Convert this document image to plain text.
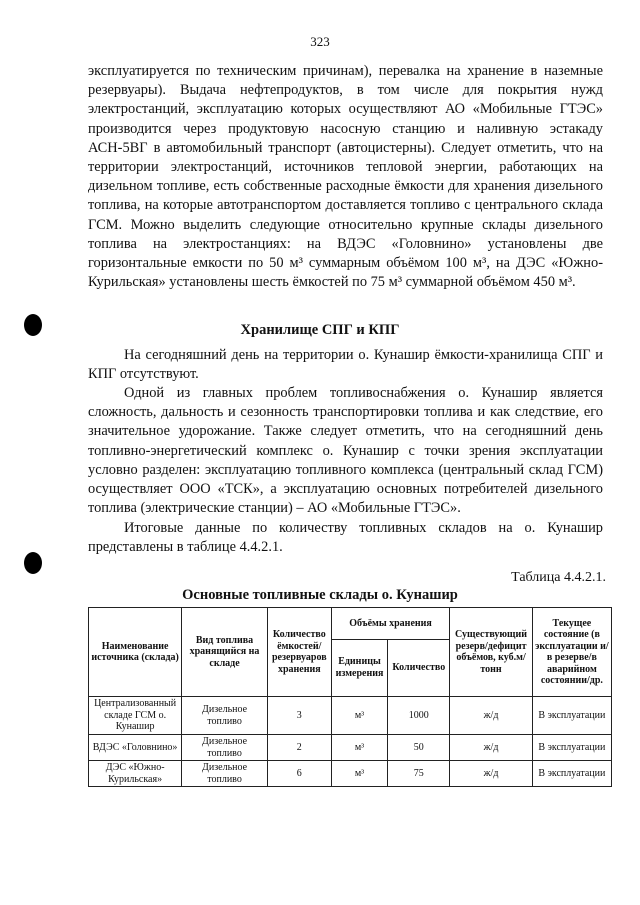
323
эксплуатируется по техническим причинам), перевалка на хранение в наземные резервуары). Выдача нефтепродуктов, в том числе для покрытия нужд электростанций, эксплуатацию которых осуществляют АО «Мобильные ГТЭС» производится через продуктовую насосную станцию и наливную эстакаду АСН-5ВГ в автомобильный транспорт (автоцистерны). Следует отметить, что на территории электростанций, источников тепловой энергии, работающих на дизельном топливе, есть собственные расходные ёмкости для хранения дизельного топлива, на которые автотранспортом доставляется топливо с центрального склада ГСМ. Можно выделить следующие относительно крупные склады дизельного топлива на электростанциях: на ВДЭС «Головнино» установлены две горизонтальные емкости по 50 м³ суммарным объёмом 100 м³, на ДЭС «Южно-Курильская» установлены шесть ёмкостей по 75 м³ суммарной объёмом 450 м³.
Хранилище СПГ и КПГ
На сегодняшний день на территории о. Кунашир ёмкости-хранилища СПГ и КПГ отсутствуют.
Одной из главных проблем топливоснабжения о. Кунашир является сложность, дальность и сезонность транспортировки топлива и как следствие, его значительное удорожание. Также следует отметить, что на сегодняшний день топливно-энергетический комплекс о. Кунашир с точки зрения эксплуатации условно разделен: эксплуатацию топливного комплекса (центральный склад ГСМ) осуществляет ООО «ТСК», а эксплуатацию основных потребителей дизельного топлива (электрические станции) – АО «Мобильные ГТЭС».
Итоговые данные по количеству топливных складов на о. Кунашир представлены в таблице 4.4.2.1.
Таблица 4.4.2.1.
Основные топливные склады о. Кунашир
Наименование источника (склада)	Вид топлива хранящийся на складе	Количество ёмкостей/резервуаров хранения	Объёмы хранения		Существующий резерв/дефицит объёмов, куб.м/тонн	Текущее состояние (в эксплуатации и/в резерве/в аварийном состоянии/др.
			Единицы измерения	Количество		
Централизованный складе ГСМ о. Кунашир	Дизельное топливо	3	м³	1000	ж/д	В эксплуатации
ВДЭС «Головнино»	Дизельное топливо	2	м³	50	ж/д	В эксплуатации
ДЭС «Южно-Курильская»	Дизельное топливо	6	м³	75	ж/д	В эксплуатации
